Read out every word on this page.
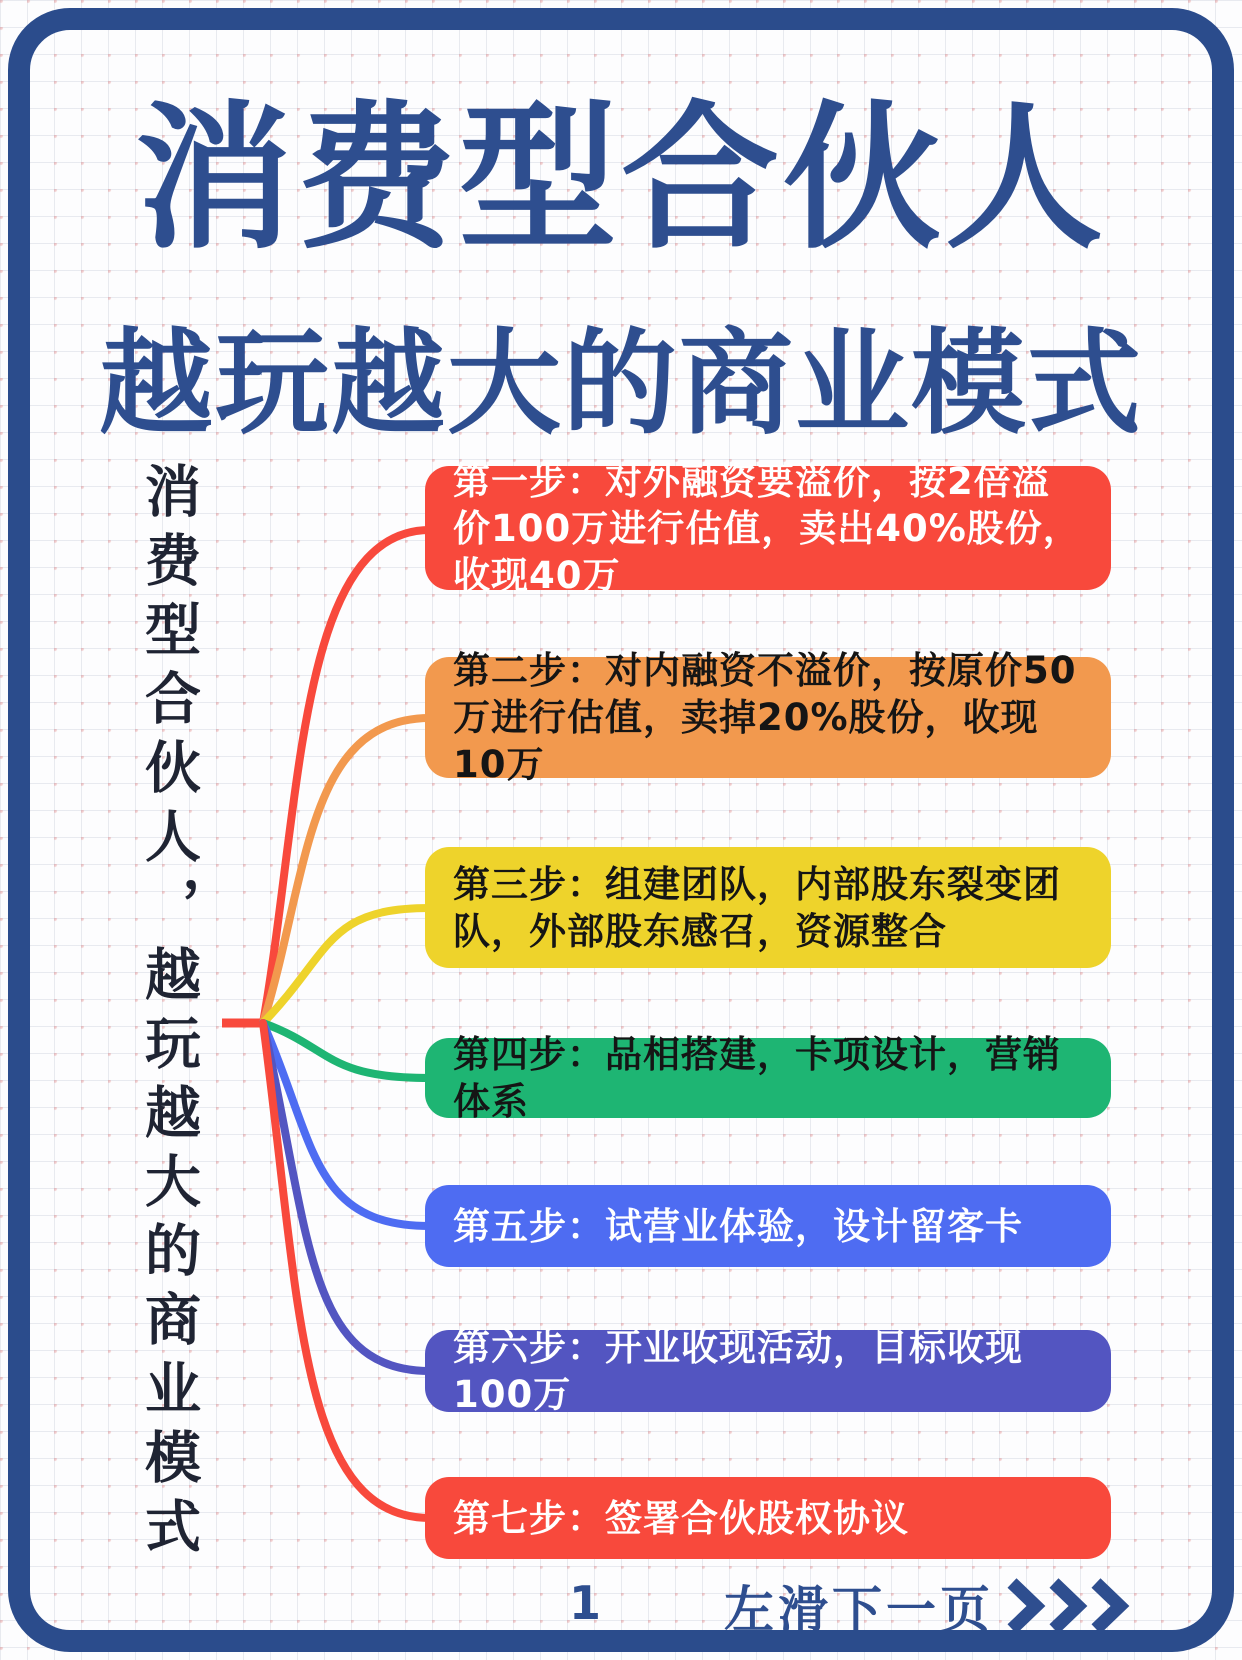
消费型合伙人
越玩越大的商业模式
消费型合伙人，越玩越大的商业模式	第一步：对外融资要溢价，按2倍溢价100万进行估值，卖出40%股份，收现40万
第二步：对内融资不溢价，按原价50万进行估值，卖掉20%股份，收现10万
第三步：组建团队，内部股东裂变团队，外部股东感召，资源整合
第四步：品相搭建，卡项设计，营销体系
第五步：试营业体验，设计留客卡
第六步：开业收现活动，目标收现100万
第七步：签署合伙股权协议
1 左滑下一页
